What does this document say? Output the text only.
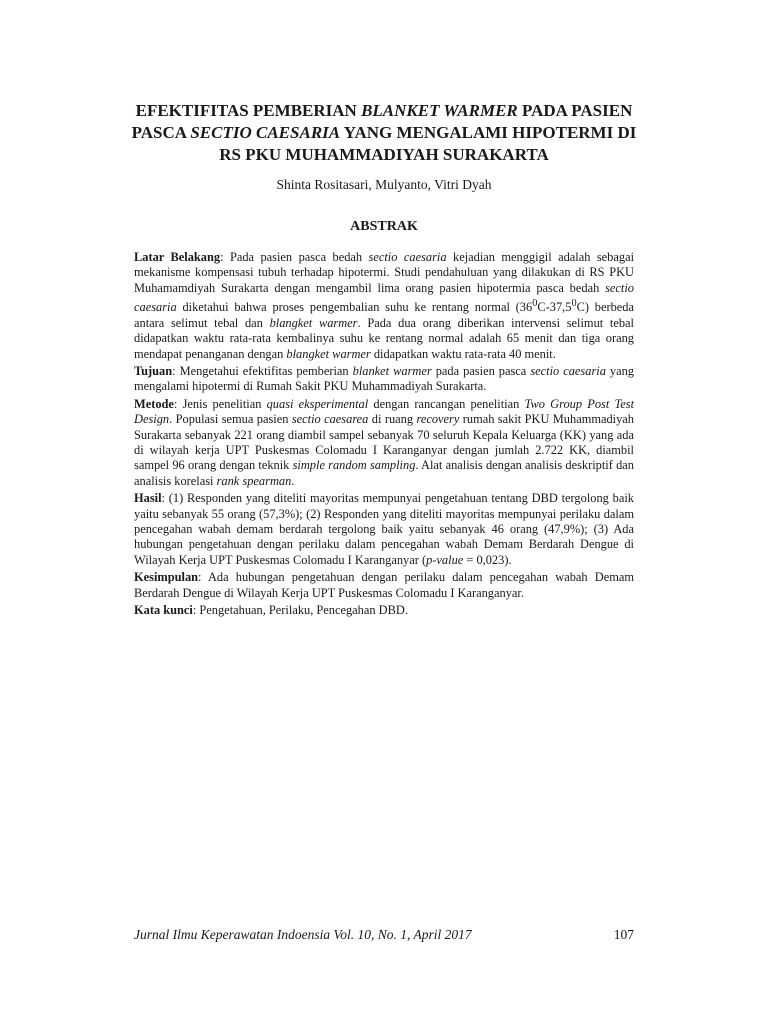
EFEKTIFITAS PEMBERIAN BLANKET WARMER PADA PASIEN
PASCA SECTIO CAESARIA YANG MENGALAMI HIPOTERMI DI
RS PKU MUHAMMADIYAH SURAKARTA
Shinta Rositasari, Mulyanto, Vitri Dyah
ABSTRAK

Latar Belakang: Pada pasien pasca bedah sectio caesaria kejadian menggigil adalah sebagai mekanisme kompensasi tubuh terhadap hipotermi. Studi pendahuluan yang dilakukan di RS PKU Muhamamdiyah Surakarta dengan mengambil lima orang pasien hipotermia pasca bedah sectio caesaria diketahui bahwa proses pengembalian suhu ke rentang normal $(36^0C-37,5^0C)$ berbeda antara selimut tebal dan blangket warmer. Pada dua orang diberikan intervensi selimut tebal didapatkan waktu rata-rata kembalinya suhu ke rentang normal adalah 65 menit dan tiga orang mendapat penanganan dengan blangket warmer didapatkan waktu rata-rata 40 menit.

Tujuan: Mengetahui efektifitas pemberian blanket warmer pada pasien pasca sectio caesaria yang mengalami hipotermi di Rumah Sakit PKU Muhammadiyah Surakarta.

Metode: Jenis penelitian quasi eksperimental dengan rancangan penelitian Two Group Post Test Design. Populasi semua pasien sectio caesarea di ruang recovery rumah sakit PKU Muhammadiyah Surakarta sebanyak 221 orang diambil sampel sebanyak 70 seluruh Kepala Keluarga (KK) yang ada di wilayah kerja UPT Puskesmas Colomadu I Karanganyar dengan jumlah 2.722 KK, diambil sampel 96 orang dengan teknik simple random sampling. Alat analisis dengan analisis deskriptif dan analisis korelasi rank spearman.

Hasil: (1) Responden yang diteliti mayoritas mempunyai pengetahuan tentang DBD tergolong baik yaitu sebanyak 55 orang (57,3%); (2) Responden yang diteliti mayoritas mempunyai perilaku dalam pencegahan wabah demam berdarah tergolong baik yaitu sebanyak 46 orang (47,9%); (3) Ada hubungan pengetahuan dengan perilaku dalam pencegahan wabah Demam Berdarah Dengue di Wilayah Kerja UPT Puskesmas Colomadu I Karanganyar (p-value = 0,023).

Kesimpulan: Ada hubungan pengetahuan dengan perilaku dalam pencegahan wabah Demam Berdarah Dengue di Wilayah Kerja UPT Puskesmas Colomadu I Karanganyar.

Kata kunci: Pengetahuan, Perilaku, Pencegahan DBD.

Jurnal Ilmu Keperawatan Indoensia Vol. 10, No. 1, April 2017	107
